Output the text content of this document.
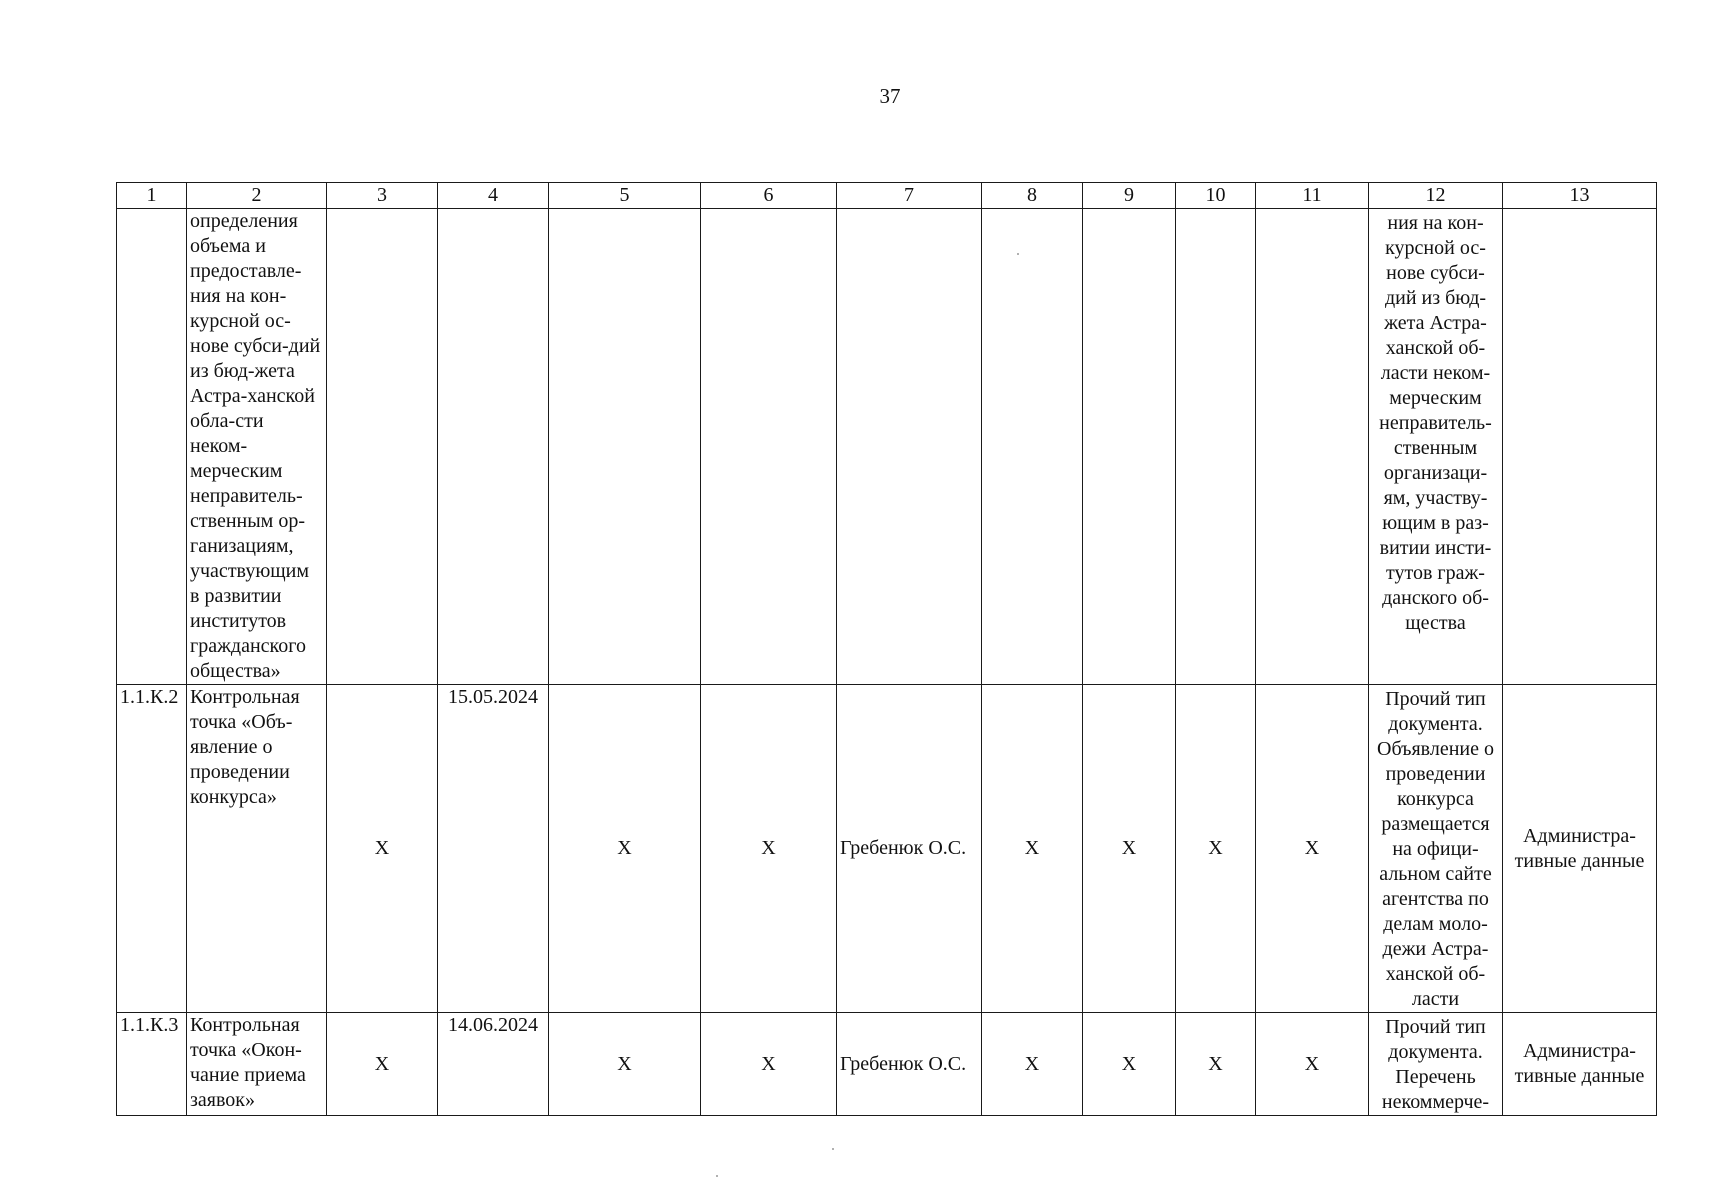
37
1	2	3	4	5	6	7	8	9	10	11	12	13
	определения объема и предоставле-ния на кон-курсной ос-нове субси-дий из бюд-жета Астра-ханской обла-сти неком-мерческим неправитель-ственным ор-ганизациям, участвующим в развитии институтов гражданского общества»										ния на кон-курсной ос-нове субси-дий из бюд-жета Астра-ханской об-ласти неком-мерческим неправитель-ственным организаци-ям, участву-ющим в раз-витии инсти-тутов граж-данского об-щества	
1.1.К.2	Контрольная точка «Объ-явление о проведении конкурса»	X	15.05.2024	X	X	Гребенюк О.С.	X	X	X	X	Прочий тип документа. Объявление о проведении конкурса размещается на офици-альном сайте агентства по делам моло-дежи Астра-ханской об-ласти	Администра-тивные данные
1.1.К.3	Контрольная точка «Окон-чание приема заявок»	X	14.06.2024	X	X	Гребенюк О.С.	X	X	X	X	Прочий тип документа. Перечень некоммерче-	Администра-тивные данные
